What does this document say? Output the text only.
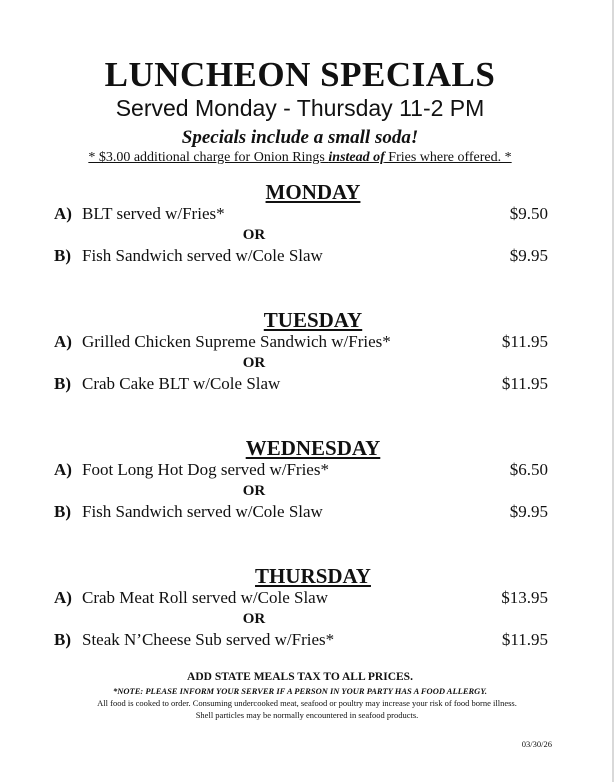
LUNCHEON SPECIALS
Served Monday - Thursday 11-2 PM
Specials include a small soda!
* $3.00 additional charge for Onion Rings instead of Fries where offered. *
MONDAY
A) BLT served w/Fries*	$9.50
OR
B) Fish Sandwich served w/Cole Slaw	$9.95
TUESDAY
A) Grilled Chicken Supreme Sandwich w/Fries*	$11.95
OR
B) Crab Cake BLT w/Cole Slaw	$11.95
WEDNESDAY
A) Foot Long Hot Dog served w/Fries*	$6.50
OR
B) Fish Sandwich served w/Cole Slaw	$9.95
THURSDAY
A) Crab Meat Roll served w/Cole Slaw	$13.95
OR
B) Steak N’Cheese Sub served w/Fries*	$11.95
ADD STATE MEALS TAX TO ALL PRICES.
*NOTE: PLEASE INFORM YOUR SERVER IF A PERSON IN YOUR PARTY HAS A FOOD ALLERGY.
All food is cooked to order. Consuming undercooked meat, seafood or poultry may increase your risk of food borne illness.
Shell particles may be normally encountered in seafood products.
03/30/26
